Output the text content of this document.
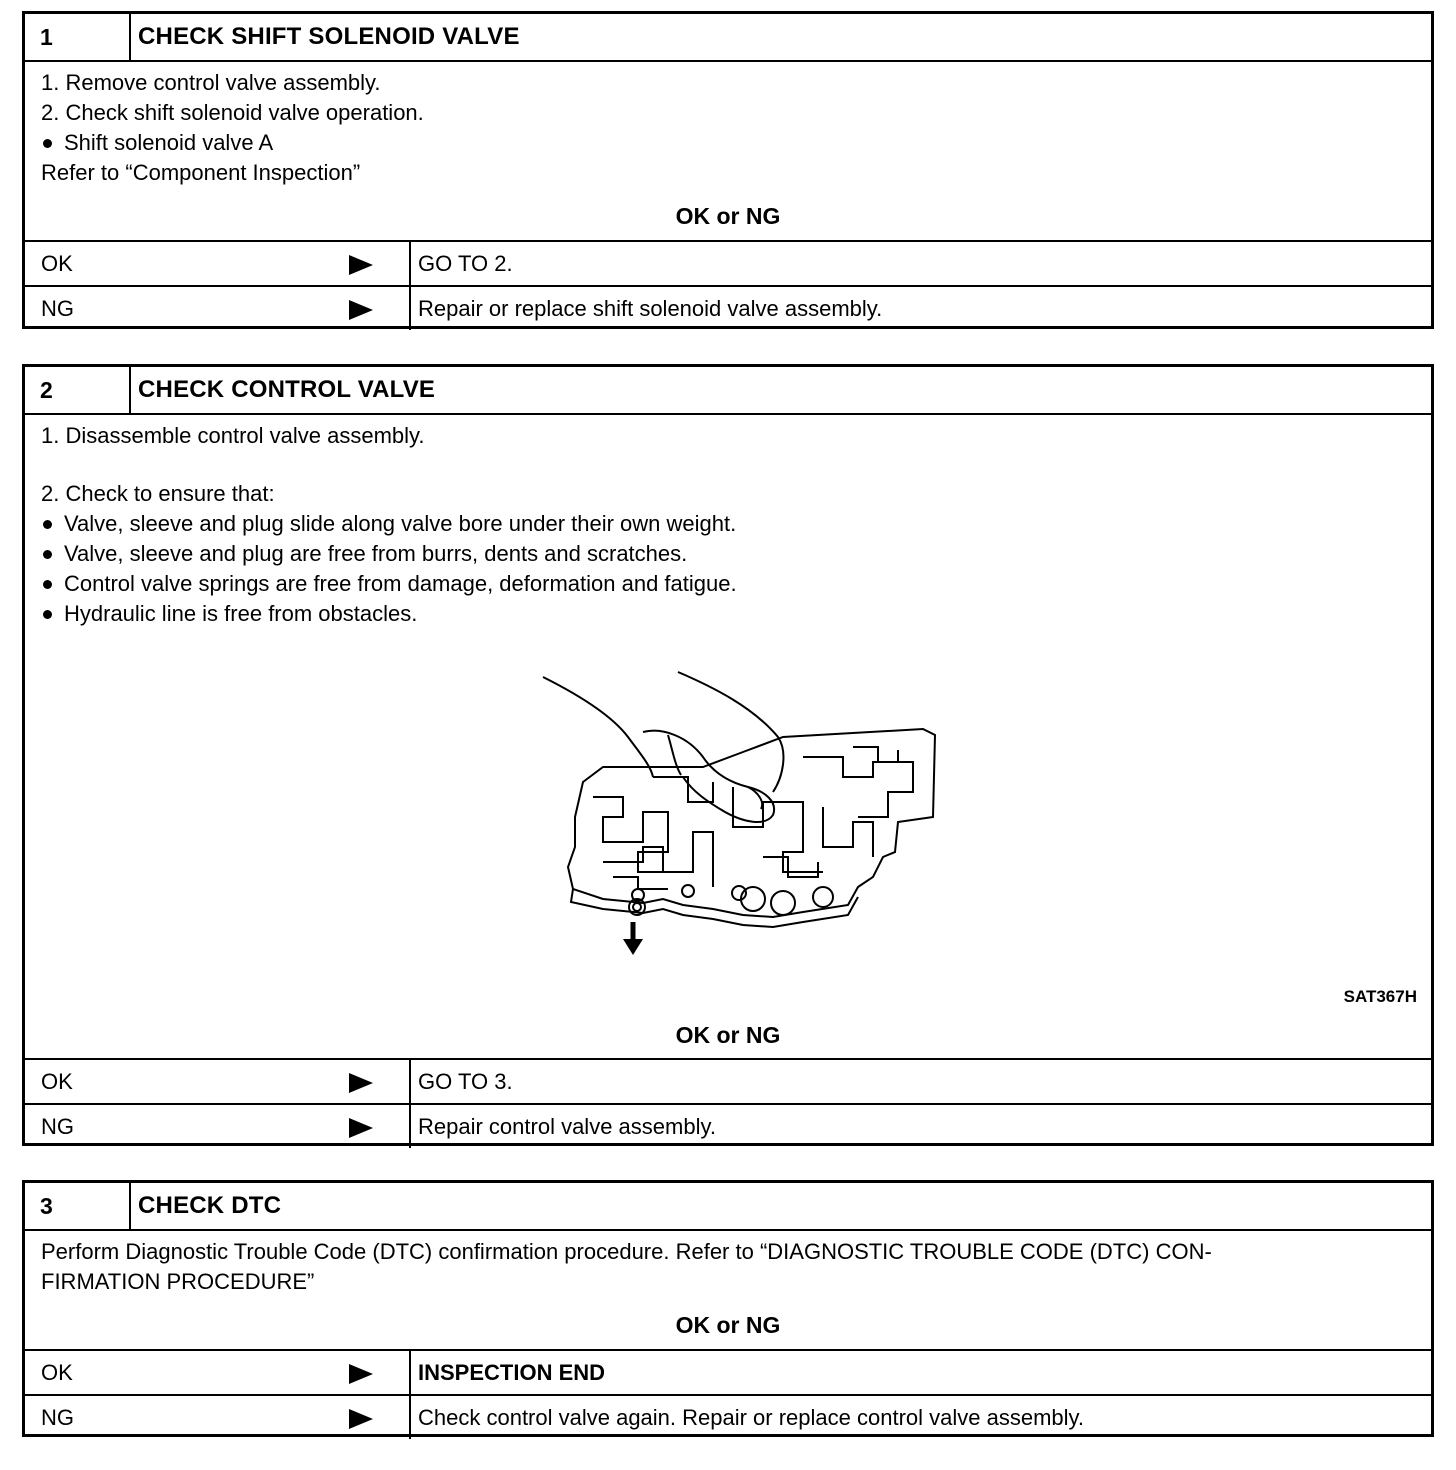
1	CHECK SHIFT SOLENOID VALVE
1. Remove control valve assembly.
2. Check shift solenoid valve operation.
Shift solenoid valve A
Refer to “Component Inspection”
OK or NG
OK	GO TO 2.
NG	Repair or replace shift solenoid valve assembly.
2	CHECK CONTROL VALVE
1. Disassemble control valve assembly.
2. Check to ensure that:
Valve, sleeve and plug slide along valve bore under their own weight.
Valve, sleeve and plug are free from burrs, dents and scratches.
Control valve springs are free from damage, deformation and fatigue.
Hydraulic line is free from obstacles.
SAT367H
OK or NG
OK	GO TO 3.
NG	Repair control valve assembly.
3	CHECK DTC
Perform Diagnostic Trouble Code (DTC) confirmation procedure. Refer to “DIAGNOSTIC TROUBLE CODE (DTC) CON-
FIRMATION PROCEDURE”
OK or NG
OK	INSPECTION END
NG	Check control valve again. Repair or replace control valve assembly.
